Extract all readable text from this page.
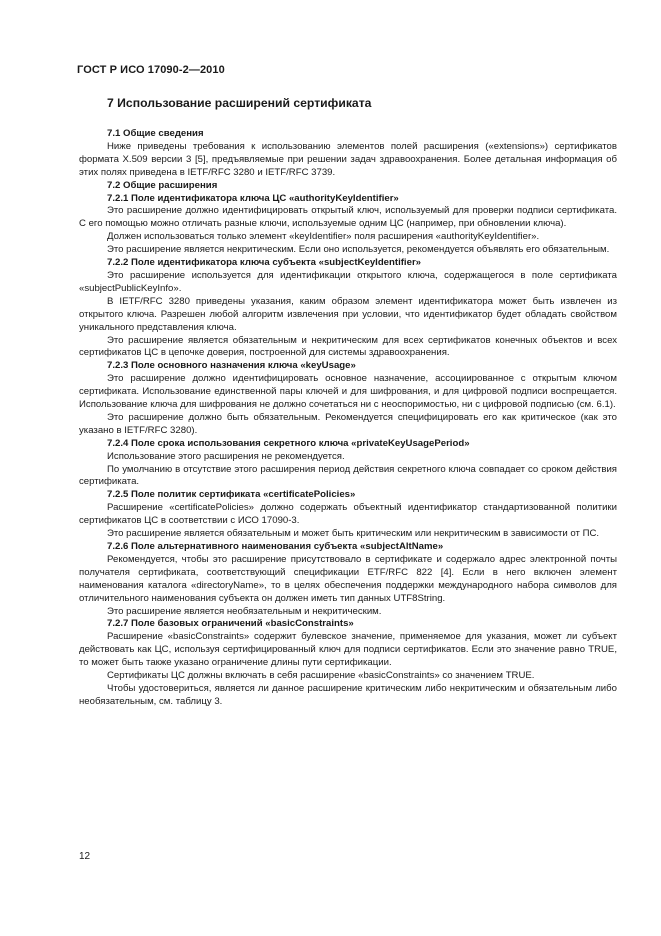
ГОСТ Р ИСО 17090-2—2010
7 Использование расширений сертификата

7.1 Общие сведения

Ниже приведены требования к использованию элементов полей расширения («extensions») сертификатов формата X.509 версии 3 [5], предъявляемые при решении задач здравоохранения. Более детальная информация об этих полях приведена в IETF/RFC 3280 и IETF/RFC 3739.

7.2 Общие расширения

7.2.1 Поле идентификатора ключа ЦС «authorityKeyIdentifier»

Это расширение должно идентифицировать открытый ключ, используемый для проверки подписи сертификата. С его помощью можно отличать разные ключи, используемые одним ЦС (например, при обновлении ключа).

Должен использоваться только элемент «keyIdentifier» поля расширения «authorityKeyIdentifier».

Это расширение является некритическим. Если оно используется, рекомендуется объявлять его обязательным.

7.2.2 Поле идентификатора ключа субъекта «subjectKeyIdentifier»

Это расширение используется для идентификации открытого ключа, содержащегося в поле сертификата «subjectPublicKeyInfo».

В IETF/RFC 3280 приведены указания, каким образом элемент идентификатора может быть извлечен из открытого ключа. Разрешен любой алгоритм извлечения при условии, что идентификатор будет обладать свойством уникального представления ключа.

Это расширение является обязательным и некритическим для всех сертификатов конечных объектов и всех сертификатов ЦС в цепочке доверия, построенной для системы здравоохранения.

7.2.3 Поле основного назначения ключа «keyUsage»

Это расширение должно идентифицировать основное назначение, ассоциированное с открытым ключом сертификата. Использование единственной пары ключей и для шифрования, и для цифровой подписи воспрещается. Использование ключа для шифрования не должно сочетаться ни с неоспоримостью, ни с цифровой подписью (см. 6.1).

Это расширение должно быть обязательным. Рекомендуется специфицировать его как критическое (как это указано в IETF/RFC 3280).

7.2.4 Поле срока использования секретного ключа «privateKeyUsagePeriod»

Использование этого расширения не рекомендуется.

По умолчанию в отсутствие этого расширения период действия секретного ключа совпадает со сроком действия сертификата.

7.2.5 Поле политик сертификата «certificatePolicies»

Расширение «certificatePolicies» должно содержать объектный идентификатор стандартизованной политики сертификатов ЦС в соответствии с ИСО 17090-3.

Это расширение является обязательным и может быть критическим или некритическим в зависимости от ПС.

7.2.6 Поле альтернативного наименования субъекта «subjectAltName»

Рекомендуется, чтобы это расширение присутствовало в сертификате и содержало адрес электронной почты получателя сертификата, соответствующий спецификации ETF/RFC 822 [4]. Если в него включен элемент наименования каталога «directoryName», то в целях обеспечения поддержки международного набора символов для отличительного наименования субъекта он должен иметь тип данных UTF8String.

Это расширение является необязательным и некритическим.

7.2.7 Поле базовых ограничений «basicConstraints»

Расширение «basicConstraints» содержит булевское значение, применяемое для указания, может ли субъект действовать как ЦС, используя сертифицированный ключ для подписи сертификатов. Если это значение равно TRUE, то может быть также указано ограничение длины пути сертификации.

Сертификаты ЦС должны включать в себя расширение «basicConstraints» со значением TRUE.

Чтобы удостовериться, является ли данное расширение критическим либо некритическим и обязательным либо необязательным, см. таблицу 3.

12
